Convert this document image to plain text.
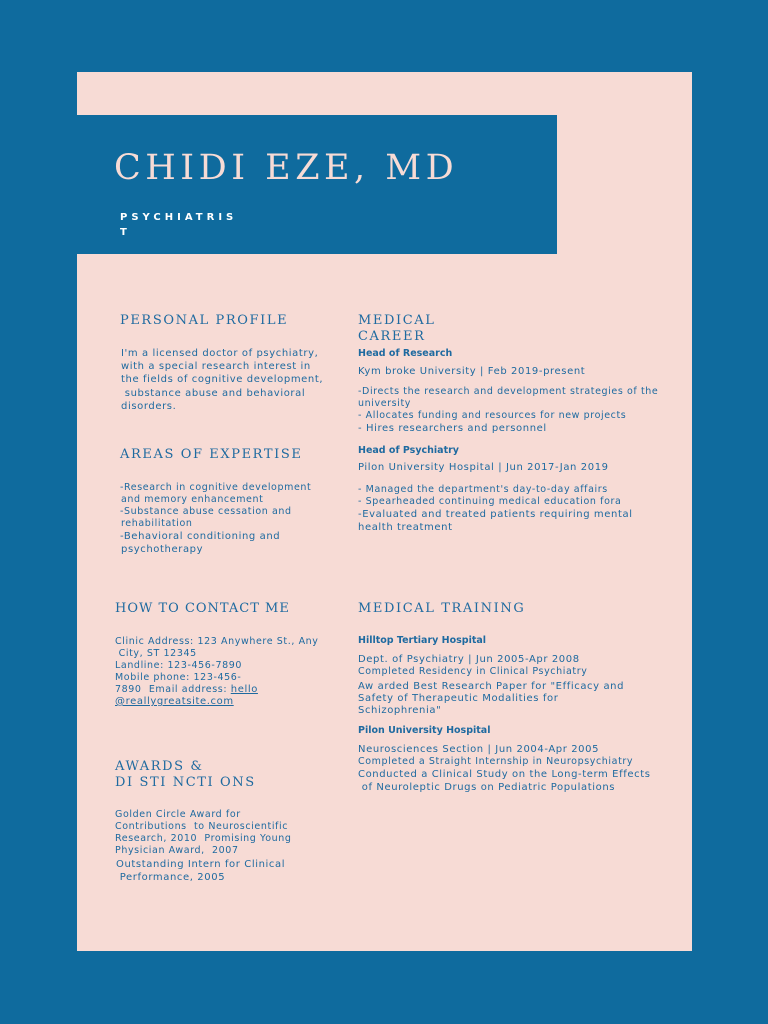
CHIDI EZE, MD
PSYCHIATRIST
PERSONAL PROFILE

I'm a licensed doctor of psychiatry,

with a special research interest in

the fields of cognitive development,

substance abuse and behavioral

disorders.

AREAS OF EXPERTISE

-Research in cognitive development

and memory enhancement

-Substance abuse cessation and

rehabilitation

-Behavioral conditioning and

psychotherapy

HOW TO CONTACT ME

Clinic Address: 123 Anywhere St., Any

City, ST 12345

Landline: 123-456-7890

Mobile phone: 123-456-

7890  Email address: hello

@reallygreatsite.com

AWARDS &
DI STI NCTI ONS

Golden Circle Award for

Contributions  to Neuroscientific

Research, 2010  Promising Young

Physician Award,  2007

Outstanding Intern for Clinical

Performance, 2005

MEDICAL
CAREER

Head of Research

Kym broke University | Feb 2019-present

-Directs the research and development strategies of the

university

- Allocates funding and resources for new projects

- Hires researchers and personnel

Head of Psychiatry

Pilon University Hospital | Jun 2017-Jan 2019

- Managed the department's day-to-day affairs

- Spearheaded continuing medical education fora

-Evaluated and treated patients requiring mental

health treatment

MEDICAL TRAINING

Hilltop Tertiary Hospital

Dept. of Psychiatry | Jun 2005-Apr 2008

Completed Residency in Clinical Psychiatry

Aw arded Best Research Paper for "Efficacy and

Safety of Therapeutic Modalities for

Schizophrenia"

Pilon University Hospital

Neurosciences Section | Jun 2004-Apr 2005

Completed a Straight Internship in Neuropsychiatry

Conducted a Clinical Study on the Long-term Effects

of Neuroleptic Drugs on Pediatric Populations
